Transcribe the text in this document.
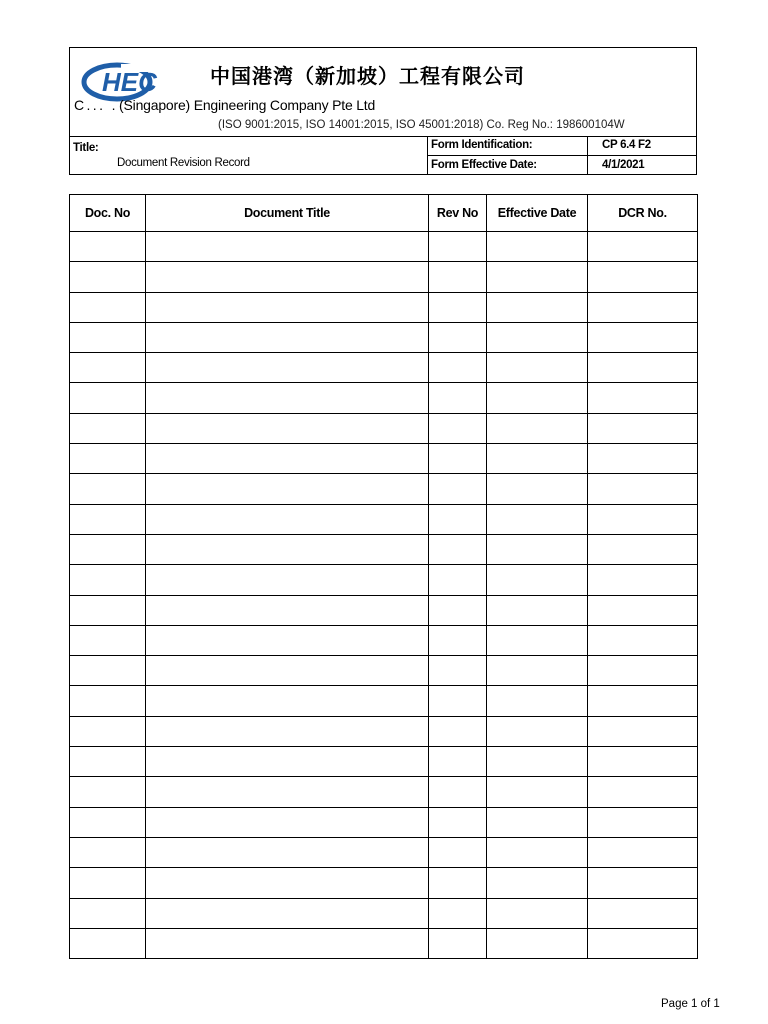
HEC	中国港湾（新加坡）工程有限公司
C . . .   . (Singapore) Engineering Company Pte Ltd
(ISO 9001:2015, ISO 14001:2015, ISO 45001:2018) Co. Reg No.: 198600104W
Title:
Document Revision Record
Form Identification:	CP 6.4 F2
Form Effective Date:	4/1/2021
Doc. No	Document Title	Rev No	Effective Date	DCR No.

Page 1 of 1
